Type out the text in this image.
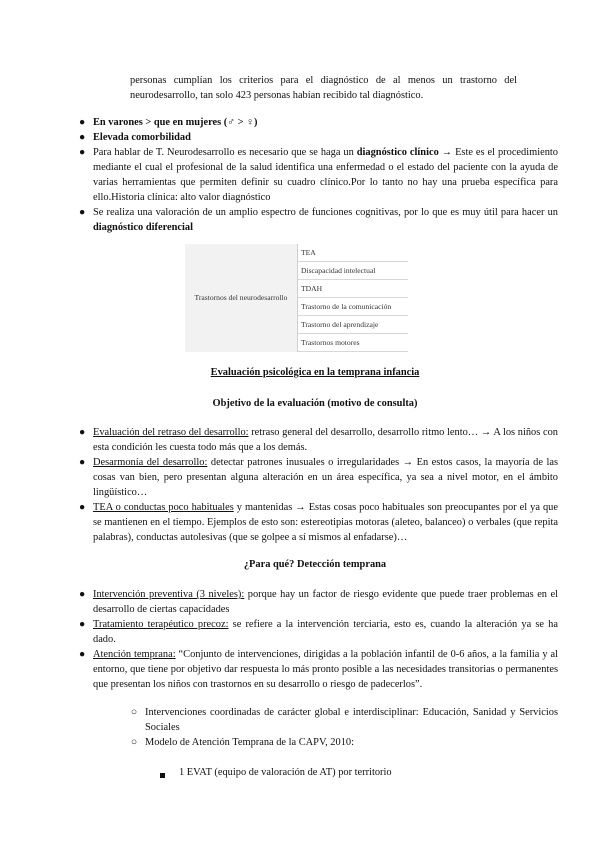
personas cumplían los criterios para el diagnóstico de al menos un trastorno del
neurodesarrollo, tan solo 423 personas habían recibido tal diagnóstico.
● En varones > que en mujeres (♂ > ♀)
● Elevada comorbilidad
● Para hablar de T. Neurodesarrollo es necesario que se haga un diagnóstico clínico → Este es el procedimiento mediante el cual el profesional de la salud identifica una enfermedad o el estado del paciente con la ayuda de varias herramientas que permiten definir su cuadro clínico.Por lo tanto no hay una prueba específica para ello.Historia clínica: alto valor diagnóstico
● Se realiza una valoración de un amplio espectro de funciones cognitivas, por lo que es muy útil para hacer un diagnóstico diferencial
Trastornos del neurodesarrollo	TEA
Discapacidad intelectual
TDAH
Trastorno de la comunicación
Trastorno del aprendizaje
Trastornos motores
Evaluación psicológica en la temprana infancia
Objetivo de la evaluación (motivo de consulta)
● Evaluación del retraso del desarrollo: retraso general del desarrollo, desarrollo ritmo lento… → A los niños con esta condición les cuesta todo más que a los demás.
● Desarmonía del desarrollo: detectar patrones inusuales o irregularidades → En estos casos, la mayoría de las cosas van bien, pero presentan alguna alteración en un área específica, ya sea a nivel motor, en el ámbito lingüístico…
● TEA o conductas poco habituales y mantenidas → Estas cosas poco habituales son preocupantes por el ya que se mantienen en el tiempo. Ejemplos de esto son: estereotipias motoras (aleteo, balanceo) o verbales (que repita palabras), conductas autolesivas (que se golpee a sí mismos al enfadarse)…
¿Para qué? Detección temprana
● Intervención preventiva (3 niveles): porque hay un factor de riesgo evidente que puede traer problemas en el desarrollo de ciertas capacidades
● Tratamiento terapéutico precoz: se refiere a la intervención terciaria, esto es, cuando la alteración ya se ha dado.
● Atención temprana: “Conjunto de intervenciones, dirigidas a la población infantil de 0-6 años, a la familia y al entorno, que tiene por objetivo dar respuesta lo más pronto posible a las necesidades transitorias o permanentes que presentan los niños con trastornos en su desarrollo o riesgo de padecerlos”.
○ Intervenciones coordinadas de carácter global e interdisciplinar: Educación, Sanidad y Servicios Sociales
○ Modelo de Atención Temprana de la CAPV, 2010:
1 EVAT (equipo de valoración de AT) por territorio
